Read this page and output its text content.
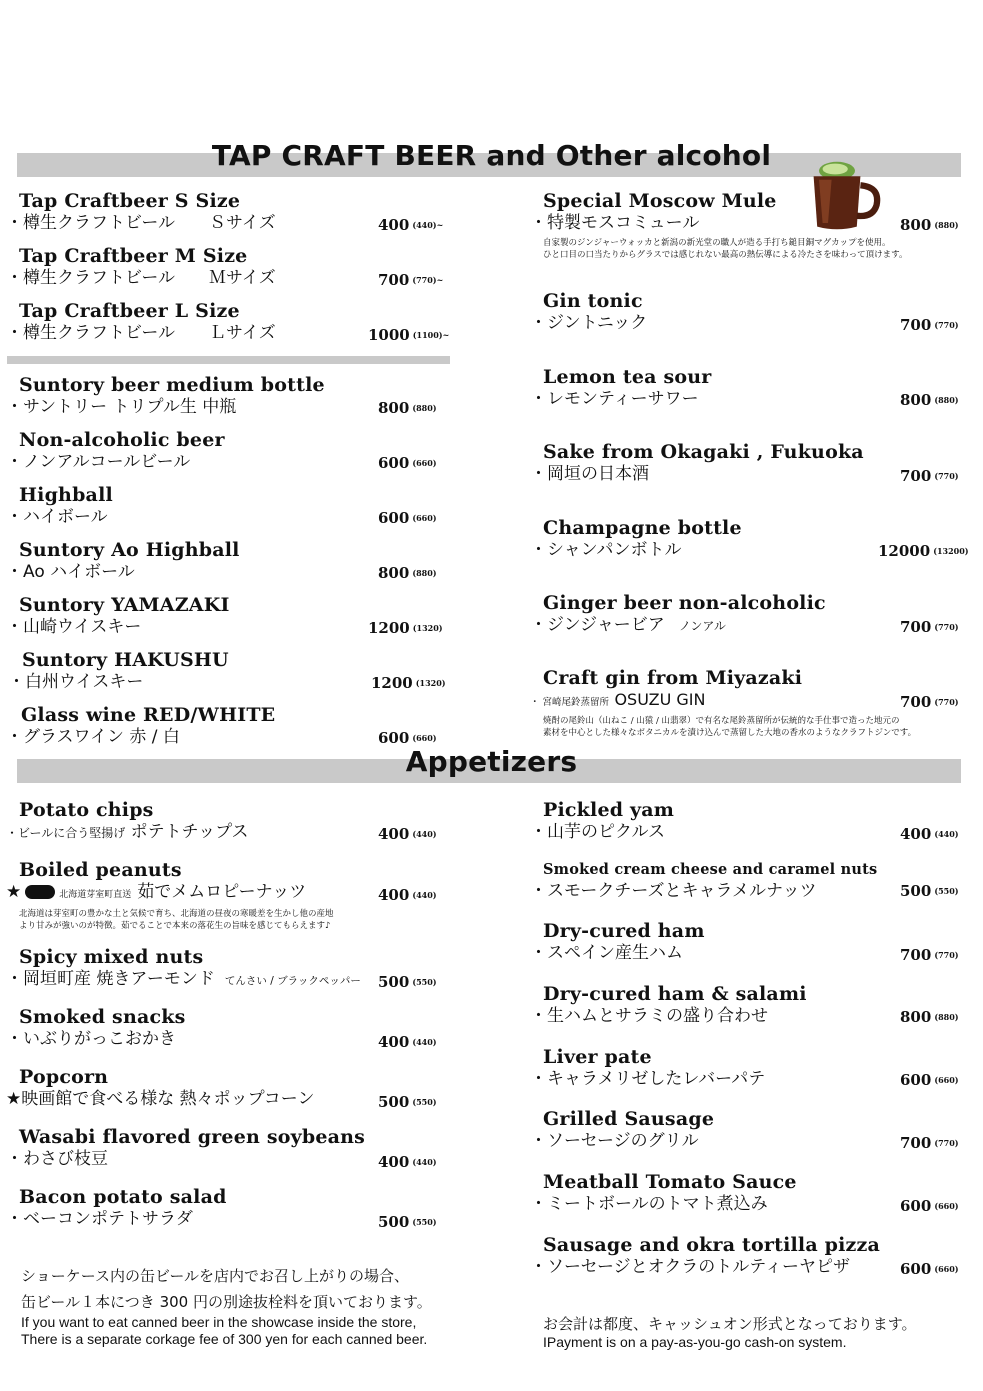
TAP CRAFT BEER and Other alcohol
Appetizers
Tap Craftbeer S Size
・樽生クラフトビール　　Ｓサイズ	400 (440)~
Tap Craftbeer M Size
・樽生クラフトビール　　Ｍサイズ	700 (770)~
Tap Craftbeer L Size
・樽生クラフトビール　　Ｌサイズ	1000 (1100)~
Suntory beer medium bottle
・サントリー トリプル生 中瓶	800 (880)
Non-alcoholic beer
・ノンアルコールビール	600 (660)
Highball
・ハイボール	600 (660)
Suntory Ao Highball
・Ao ハイボール	800 (880)
Suntory YAMAZAKI
・山崎ウイスキー	1200 (1320)
Suntory HAKUSHU
・白州ウイスキー	1200 (1320)
Glass wine RED/WHITE
・グラスワイン 赤 / 白	600 (660)
Special Moscow Mule
・特製モスコミュール	800 (880)
自家製のジンジャーウォッカと新潟の新光堂の職人が造る手打ち鎚目銅マグカップを使用。
ひと口目の口当たりからグラスでは感じれない最高の熱伝導による冷たさを味わって頂けます。
Gin tonic
・ジントニック	700 (770)
Lemon tea sour
・レモンティーサワー	800 (880)
Sake from Okagaki , Fukuoka
・岡垣の日本酒	700 (770)
Champagne bottle
・シャンパンボトル	12000 (13200)
Ginger beer non-alcoholic
・ジンジャービア ノンアル	700 (770)
Craft gin from Miyazaki
・ 宮崎尾鈴蒸留所 OSUZU GIN	700 (770)
焼酎の尾鈴山（山ねこ / 山猿 / 山翡翠）で有名な尾鈴蒸留所が伝統的な手仕事で造った地元の
素材を中心とした様々なボタニカルを漬け込んで蒸留した大地の香水のようなクラフトジンです。
Potato chips
・ビールに合う堅揚げ ポテトチップス	400 (440)
Boiled peanuts
★	北海道芽室町直送 茹でメムロピーナッツ	400 (440)
北海道は芽室町の豊かな土と気候で育ち、北海道の昼夜の寒暖差を生かし他の産地
より甘みが強いのが特徴。茹でることで本来の落花生の旨味を感じてもらえます♪
Spicy mixed nuts
・岡垣町産 焼きアーモンド てんさい / ブラックペッパー 500 (550)
Smoked snacks
・いぶりがっこおかき	400 (440)
Popcorn
★映画館で食べる様な 熱々ポップコーン	500 (550)
Wasabi flavored green soybeans
・わさび枝豆	400 (440)
Bacon potato salad
・ベーコンポテトサラダ	500 (550)
Pickled yam
・山芋のピクルス	400 (440)
Smoked cream cheese and caramel nuts
・スモークチーズとキャラメルナッツ	500 (550)
Dry-cured ham
・スペイン産生ハム	700 (770)
Dry-cured ham & salami
・生ハムとサラミの盛り合わせ	800 (880)
Liver pate
・キャラメリゼしたレバーパテ	600 (660)
Grilled Sausage
・ソーセージのグリル	700 (770)
Meatball Tomato Sauce
・ミートボールのトマト煮込み	600 (660)
Sausage and okra tortilla pizza
・ソーセージとオクラのトルティーヤピザ	600 (660)
ショーケース内の缶ビールを店内でお召し上がりの場合、
缶ビール１本につき 300 円の別途抜栓料を頂いております。
If you want to eat canned beer in the showcase inside the store,
There is a separate corkage fee of 300 yen for each canned beer.
お会計は都度、キャッシュオン形式となっております。
IPayment is on a pay-as-you-go cash-on system.
